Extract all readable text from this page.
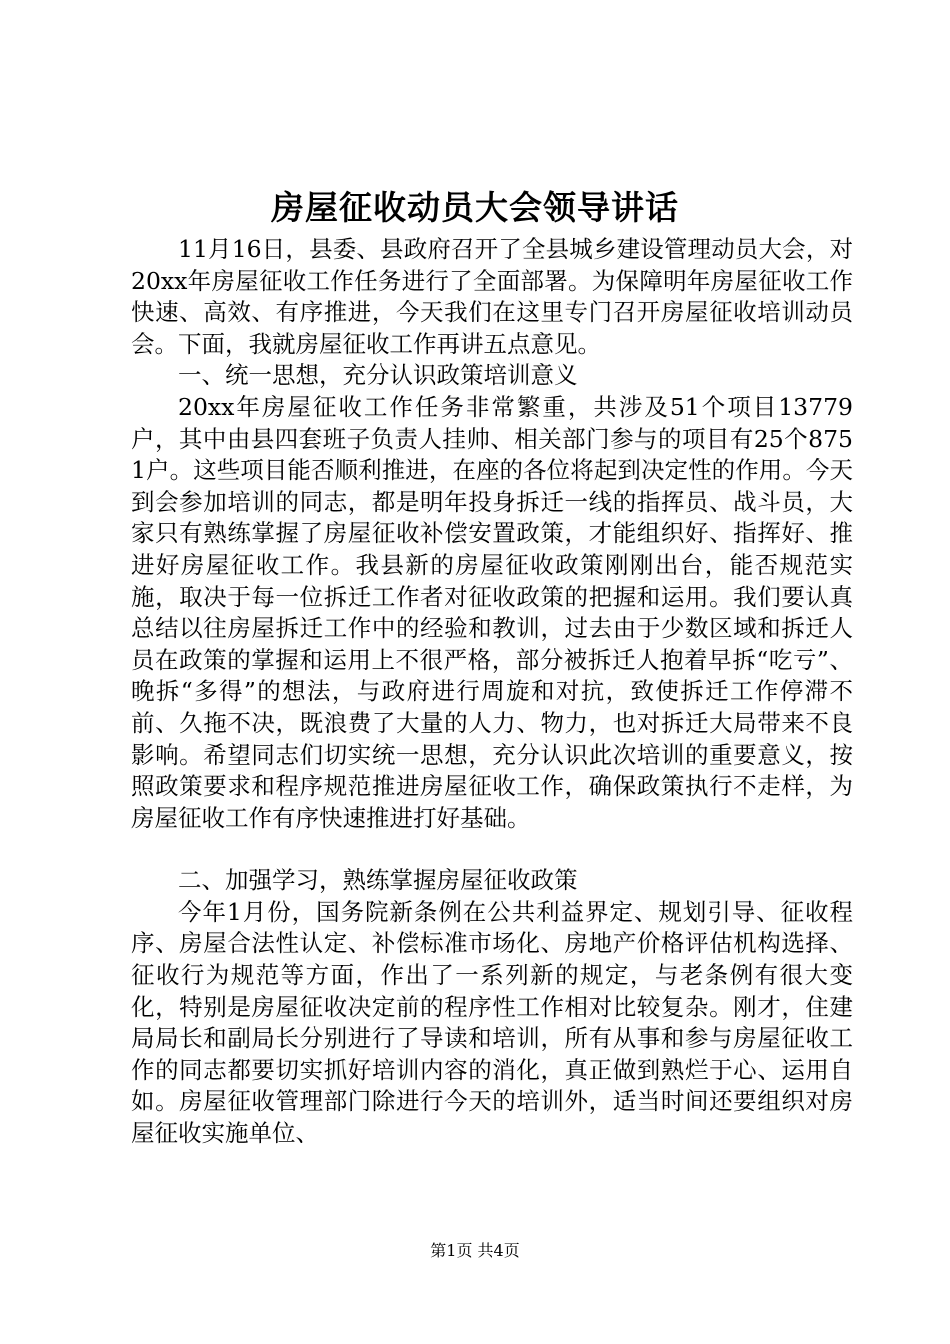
房屋征收动员大会领导讲话

11月16日，县委、县政府召开了全县城乡建设管理动员大会，对20xx年房屋征收工作任务进行了全面部署。为保障明年房屋征收工作快速、高效、有序推进，今天我们在这里专门召开房屋征收培训动员会。下面，我就房屋征收工作再讲五点意见。

一、统一思想，充分认识政策培训意义

20xx年房屋征收工作任务非常繁重，共涉及51个项目13779户，其中由县四套班子负责人挂帅、相关部门参与的项目有25个8751户。这些项目能否顺利推进，在座的各位将起到决定性的作用。今天到会参加培训的同志，都是明年投身拆迁一线的指挥员、战斗员，大家只有熟练掌握了房屋征收补偿安置政策，才能组织好、指挥好、推进好房屋征收工作。我县新的房屋征收政策刚刚出台，能否规范实施，取决于每一位拆迁工作者对征收政策的把握和运用。我们要认真总结以往房屋拆迁工作中的经验和教训，过去由于少数区域和拆迁人员在政策的掌握和运用上不很严格，部分被拆迁人抱着早拆“吃亏”、晚拆“多得”的想法，与政府进行周旋和对抗，致使拆迁工作停滞不前、久拖不决，既浪费了大量的人力、物力，也对拆迁大局带来不良影响。希望同志们切实统一思想，充分认识此次培训的重要意义，按照政策要求和程序规范推进房屋征收工作，确保政策执行不走样，为房屋征收工作有序快速推进打好基础。

二、加强学习，熟练掌握房屋征收政策

今年1月份，国务院新条例在公共利益界定、规划引导、征收程序、房屋合法性认定、补偿标准市场化、房地产价格评估机构选择、征收行为规范等方面，作出了一系列新的规定，与老条例有很大变化，特别是房屋征收决定前的程序性工作相对比较复杂。刚才，住建局局长和副局长分别进行了导读和培训，所有从事和参与房屋征收工作的同志都要切实抓好培训内容的消化，真正做到熟烂于心、运用自如。房屋征收管理部门除进行今天的培训外，适当时间还要组织对房屋征收实施单位、

第1页 共4页
